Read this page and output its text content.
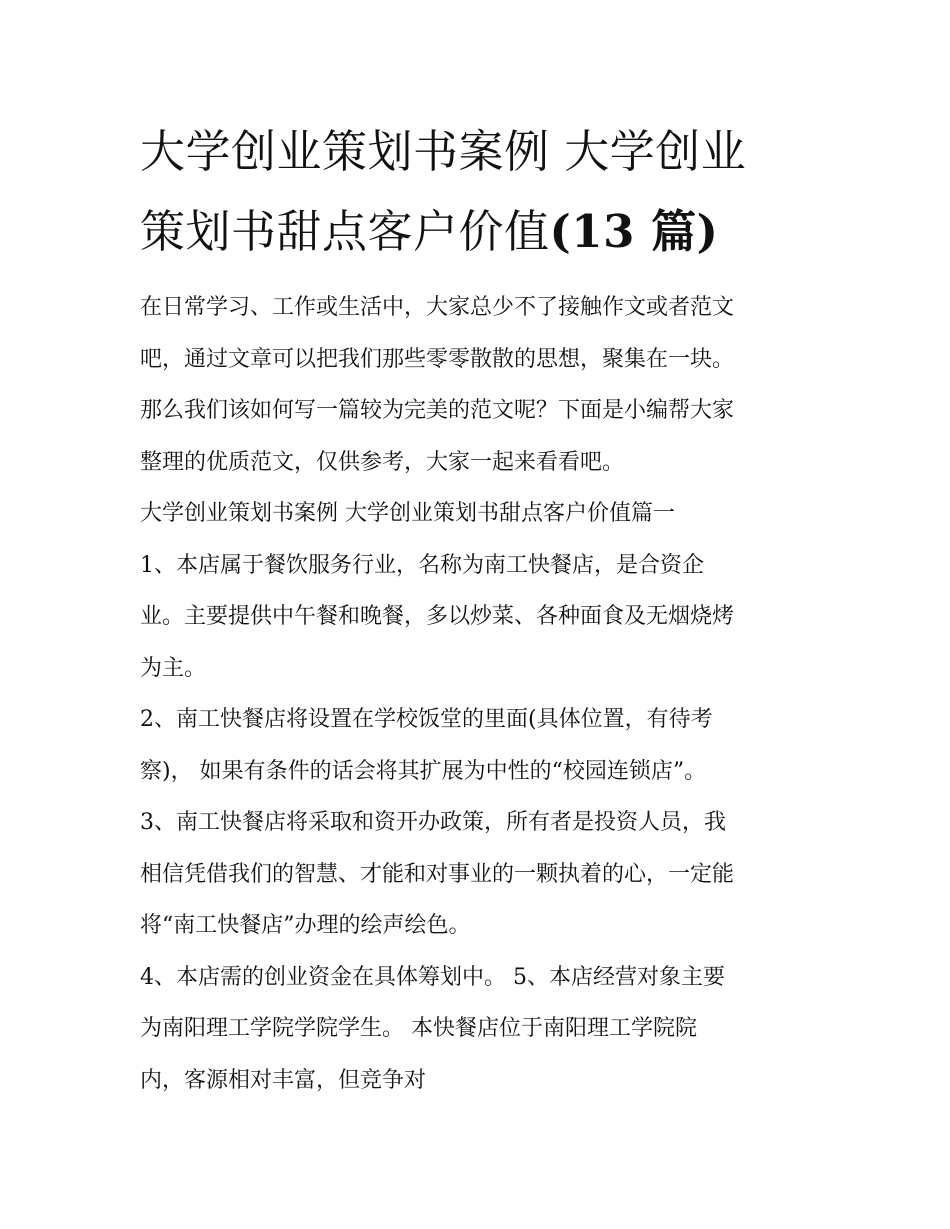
大学创业策划书案例 大学创业
策划书甜点客户价值(13 篇)

在日常学习、工作或生活中，大家总少不了接触作文或者范文
吧，通过文章可以把我们那些零零散散的思想，聚集在一块。
那么我们该如何写一篇较为完美的范文呢？下面是小编帮大家
整理的优质范文，仅供参考，大家一起来看看吧。

大学创业策划书案例 大学创业策划书甜点客户价值篇一

1、本店属于餐饮服务行业，名称为南工快餐店，是合资企
业。主要提供中午餐和晚餐，多以炒菜、各种面食及无烟烧烤
为主。

2、南工快餐店将设置在学校饭堂的里面(具体位置，有待考
察)， 如果有条件的话会将其扩展为中性的“校园连锁店”。

3、南工快餐店将采取和资开办政策，所有者是投资人员，我
相信凭借我们的智慧、才能和对事业的一颗执着的心，一定能
将“南工快餐店”办理的绘声绘色。

4、本店需的创业资金在具体筹划中。 5、本店经营对象主要
为南阳理工学院学院学生。 本快餐店位于南阳理工学院院
内，客源相对丰富，但竞争对
